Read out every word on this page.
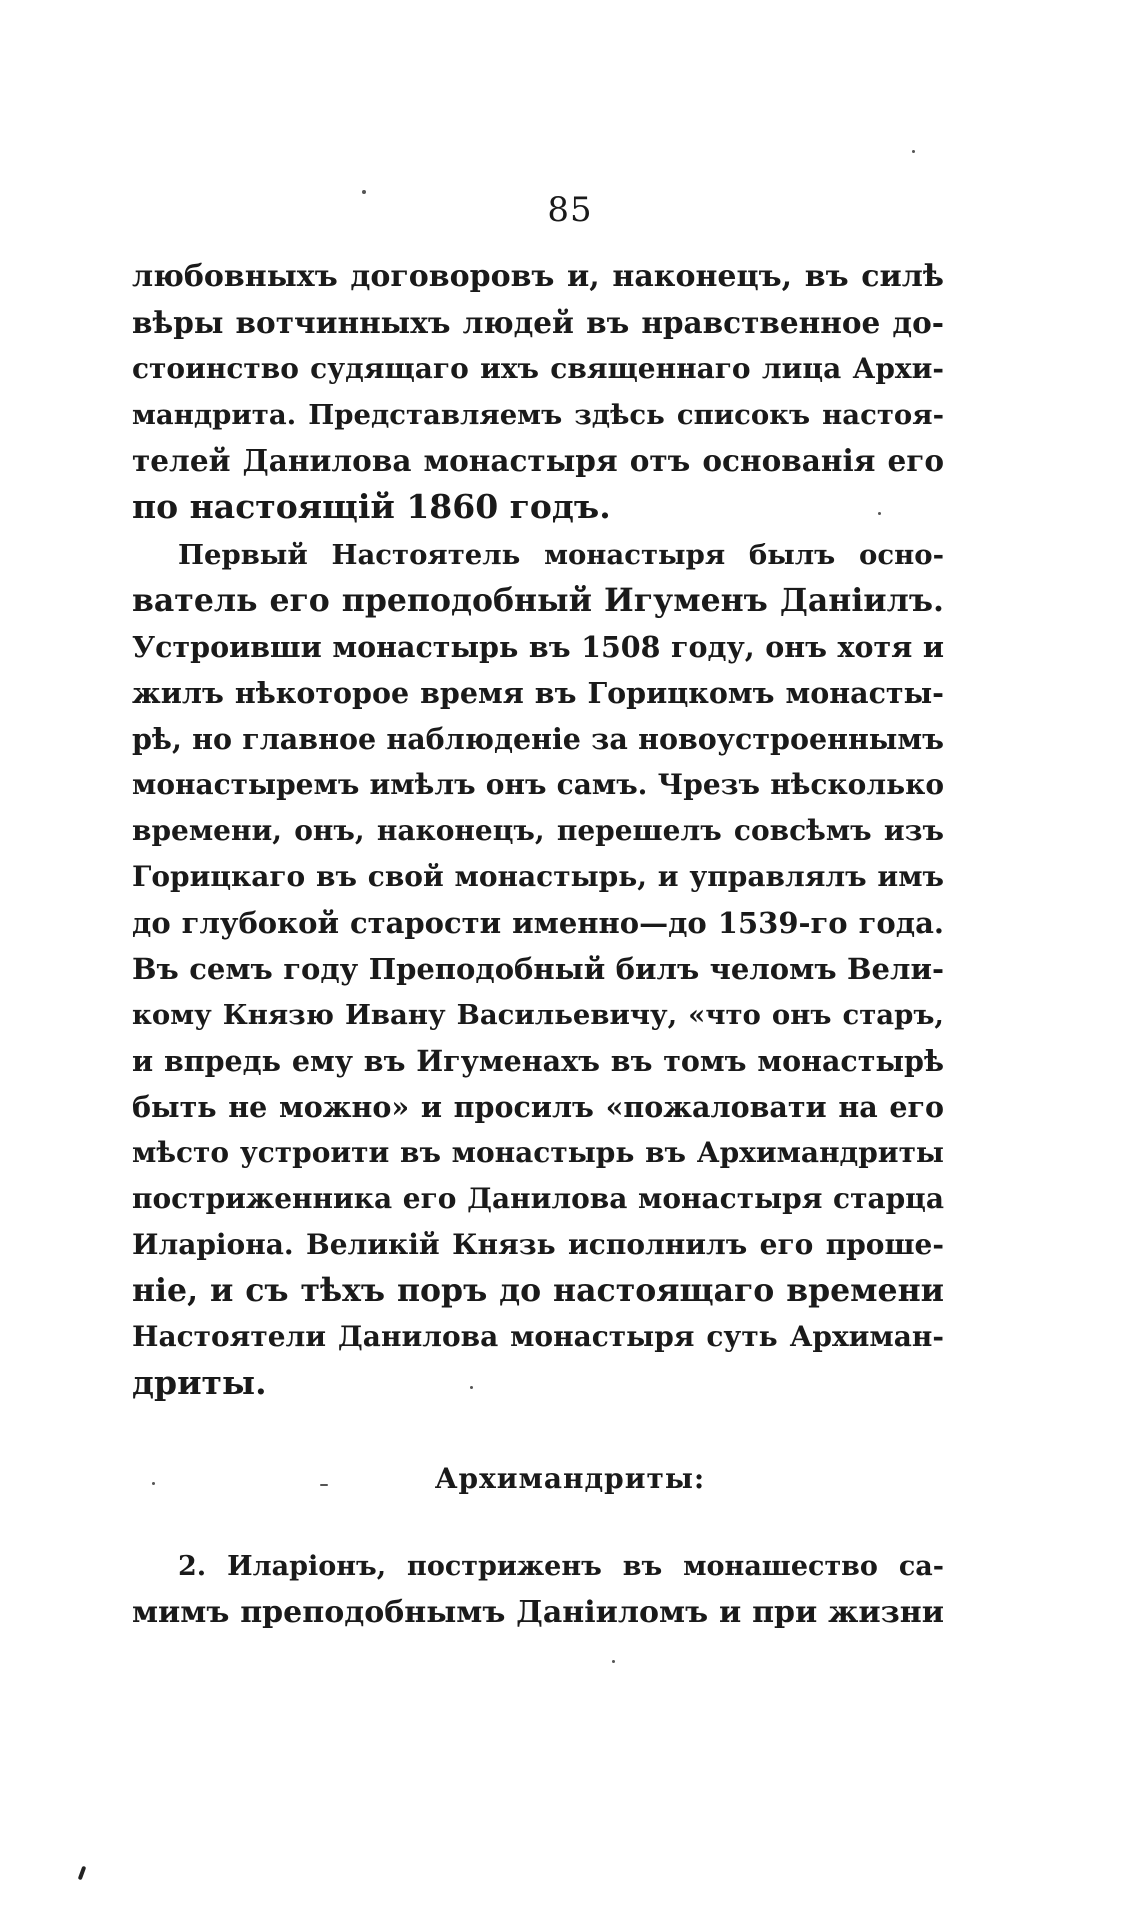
85
любовныхъ договоровъ и, наконецъ, въ силѣ
вѣры вотчинныхъ людей въ нравственное до-
стоинство судящаго ихъ священнаго лица Архи-
мандрита. Представляемъ здѣсь списокъ настоя-
телей Данилова монастыря отъ основанія его
по настоящій 1860 годъ.
Первый Настоятель монастыря былъ осно-
ватель его преподобный Игуменъ Даніилъ.
Устроивши монастырь въ 1508 году, онъ хотя и
жилъ нѣкоторое время въ Горицкомъ монасты-
рѣ, но главное наблюденіе за новоустроеннымъ
монастыремъ имѣлъ онъ самъ. Чрезъ нѣсколько
времени, онъ, наконецъ, перешелъ совсѣмъ изъ
Горицкаго въ свой монастырь, и управлялъ имъ
до глубокой старости именно—до 1539-го года.
Въ семъ году Преподобный билъ челомъ Вели-
кому Князю Ивану Васильевичу, «что онъ старъ,
и впредь ему въ Игуменахъ въ томъ монастырѣ
быть не можно» и просилъ «пожаловати на его
мѣсто устроити въ монастырь въ Архимандриты
постриженника его Данилова монастыря старца
Иларіона. Великій Князь исполнилъ его прошe-
ніе, и съ тѣхъ поръ до настоящаго времени
Настоятели Данилова монастыря суть Архиман-
дриты.
Архимандриты:
2. Иларіонъ, постриженъ въ монашество са-
мимъ преподобнымъ Даніиломъ и при жизни
